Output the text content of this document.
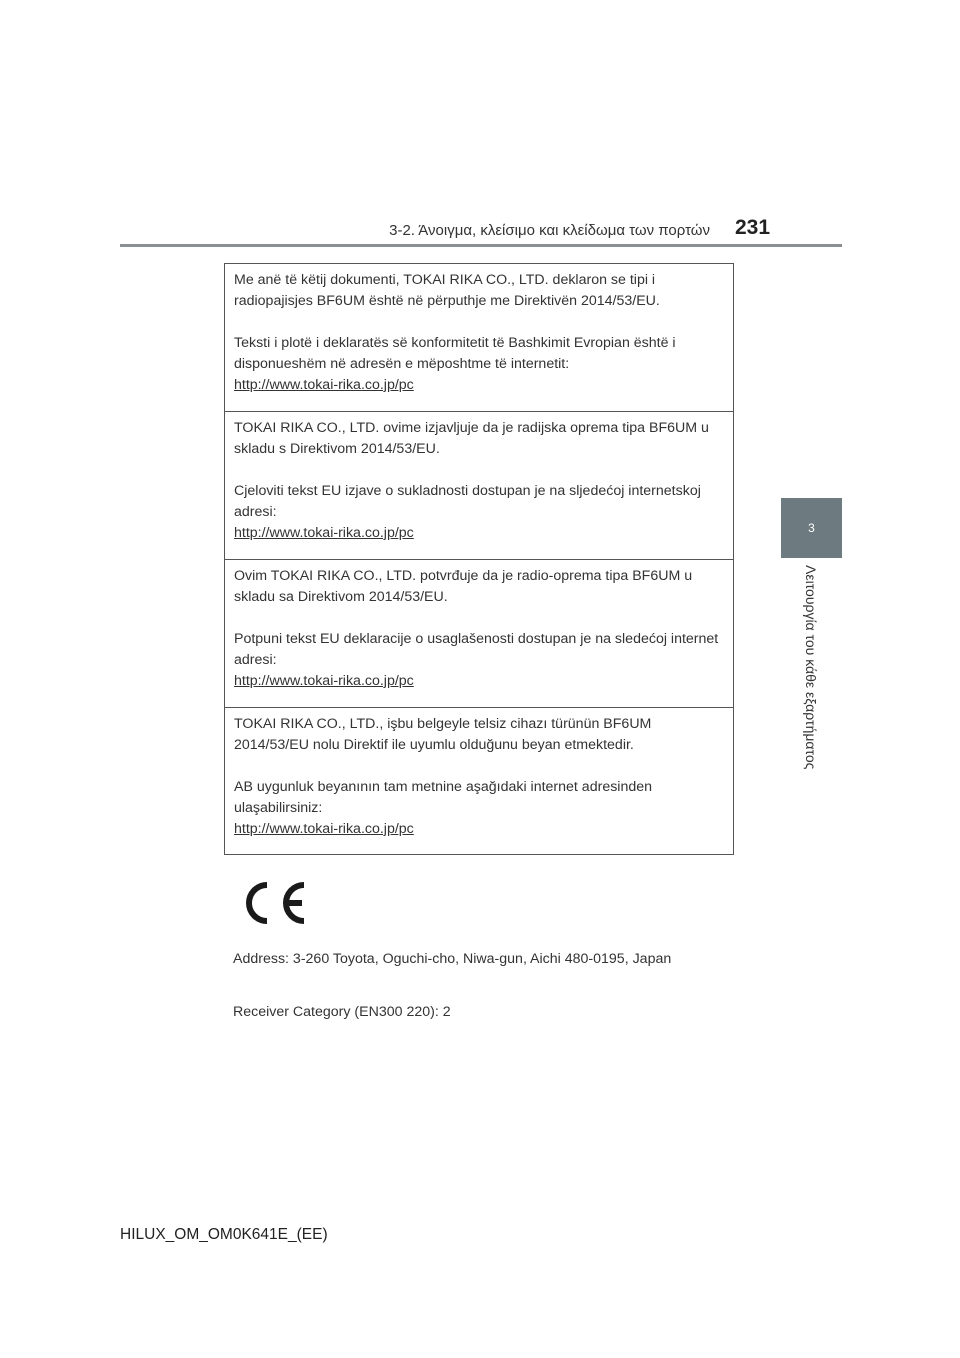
3-2. Άνοιγμα, κλείσιμο και κλείδωμα των πορτών 231
3
Λειτουργία του κάθε εξαρτήματος

Me anë të këtij dokumenti, TOKAI RIKA CO., LTD. deklaron se tipi i radiopajisjes BF6UM është në përputhje me Direktivën 2014/53/EU.

Teksti i plotë i deklaratës së konformitetit të Bashkimit Evropian është i disponueshëm në adresën e mëposhtme të internetit:

http://www.tokai-rika.co.jp/pc

TOKAI RIKA CO., LTD. ovime izjavljuje da je radijska oprema tipa BF6UM u skladu s Direktivom 2014/53/EU.

Cjeloviti tekst EU izjave o sukladnosti dostupan je na sljedećoj internetskoj adresi:

http://www.tokai-rika.co.jp/pc

Ovim TOKAI RIKA CO., LTD. potvrđuje da je radio-oprema tipa BF6UM u skladu sa Direktivom 2014/53/EU.

Potpuni tekst EU deklaracije o usaglašenosti dostupan je na sledećoj internet adresi:

http://www.tokai-rika.co.jp/pc

TOKAI RIKA CO., LTD., işbu belgeyle telsiz cihazı türünün BF6UM 2014/53/EU nolu Direktif ile uyumlu olduğunu beyan etmektedir.

AB uygunluk beyanının tam metnine aşağıdaki internet adresinden ulaşabilirsiniz:

http://www.tokai-rika.co.jp/pc

Address: 3-260 Toyota, Oguchi-cho, Niwa-gun, Aichi 480-0195, Japan
Receiver Category (EN300 220): 2
HILUX_OM_OM0K641E_(EE)
